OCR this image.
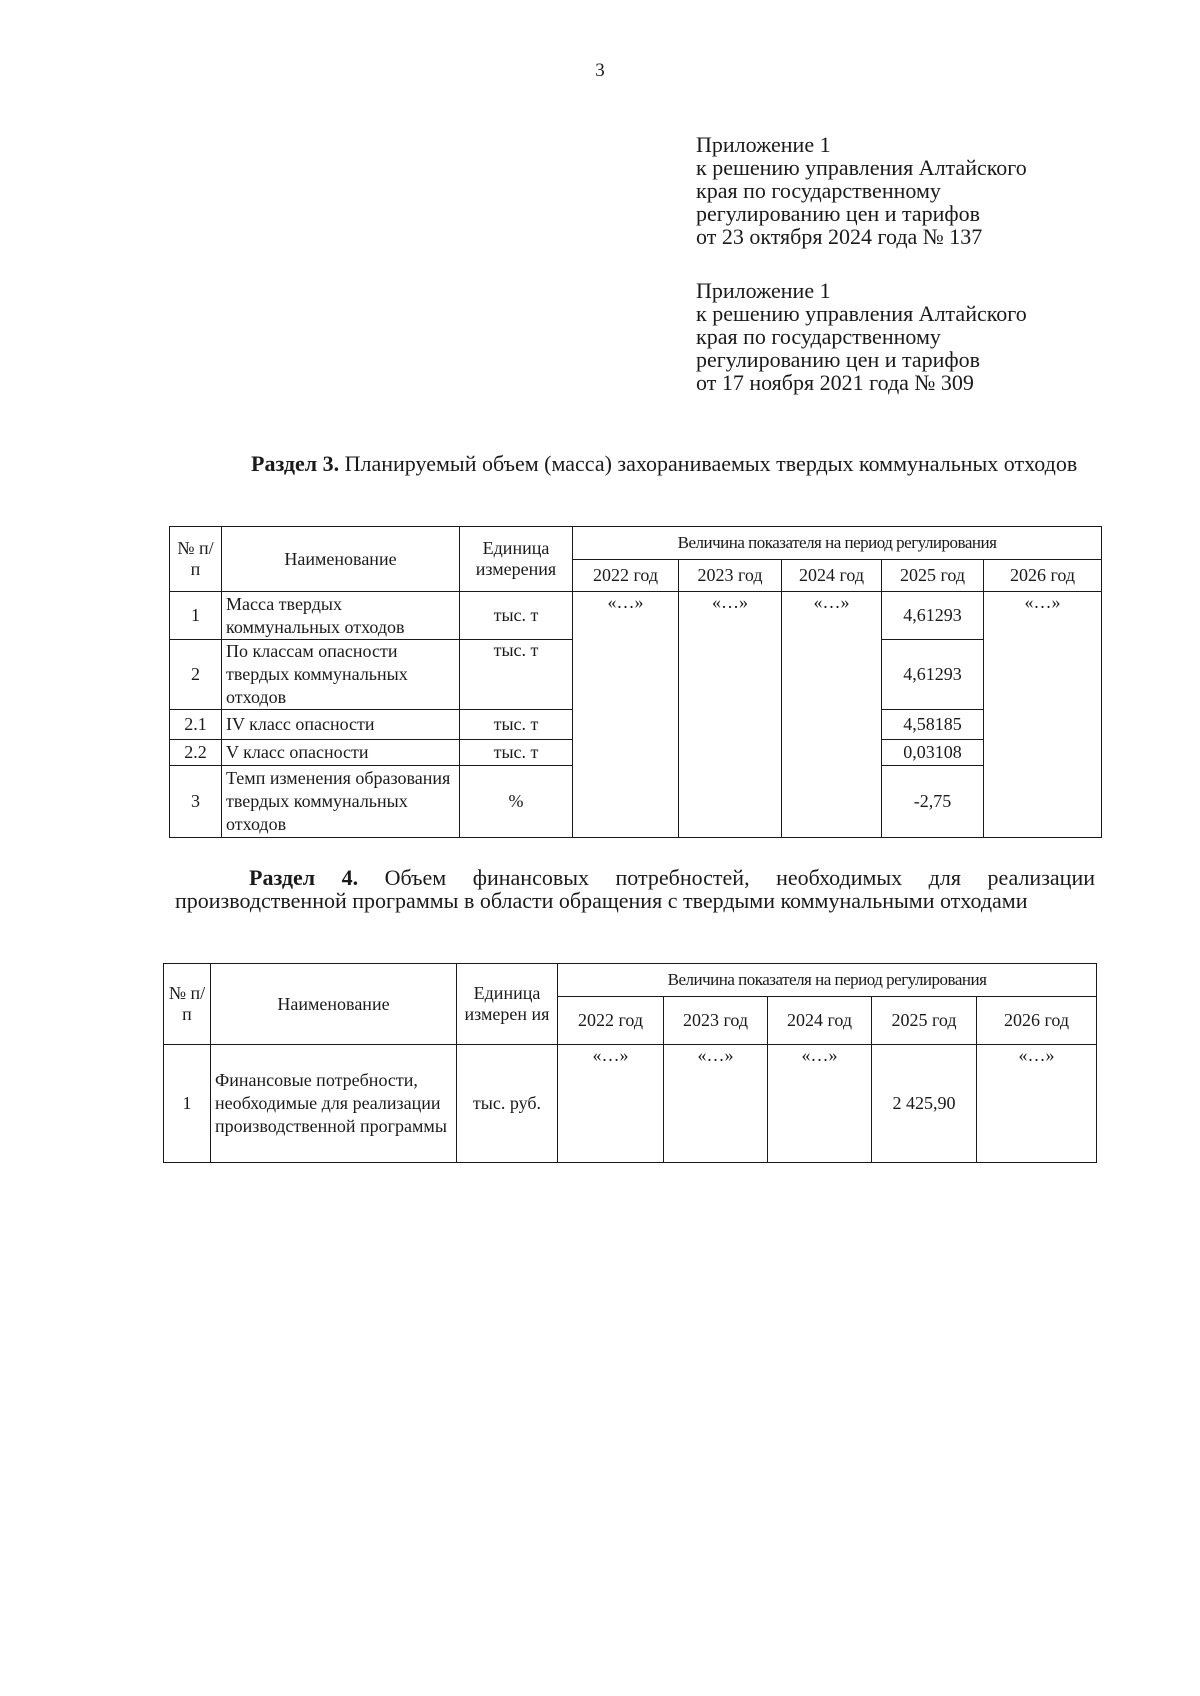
3
Приложение 1
к решению управления Алтайского
края по государственному
регулированию цен и тарифов
от 23 октября 2024 года № 137
Приложение 1
к решению управления Алтайского
края по государственному
регулированию цен и тарифов
от 17 ноября 2021 года № 309
Раздел 3. Планируемый объем (масса) захораниваемых твердых коммунальных отходов
№ п/п	Наименование	Единица измерения	Величина показателя на период регулирования				
			2022 год	2023 год	2024 год	2025 год	2026 год
1	Масса твердых коммунальных отходов	тыс. т	«…»	«…»	«…»	4,61293	«…»
2	По классам опасности твердых коммунальных отходов	тыс. т				4,61293	
2.1	IV класс опасности	тыс. т				4,58185	
2.2	V класс опасности	тыс. т				0,03108	
3	Темп изменения образования твердых коммунальных отходов	%				-2,75	
Раздел 4. Объем финансовых потребностей, необходимых для реализации производственной программы в области обращения с твердыми коммунальными отходами
№ п/ п	Наименование	Единица измерен ия	Величина показателя на период регулирования				
			2022 год	2023 год	2024 год	2025 год	2026 год
1	Финансовые потребности, необходимые для реализации производственной программы	тыс. руб.	«…»	«…»	«…»	2 425,90	«…»
